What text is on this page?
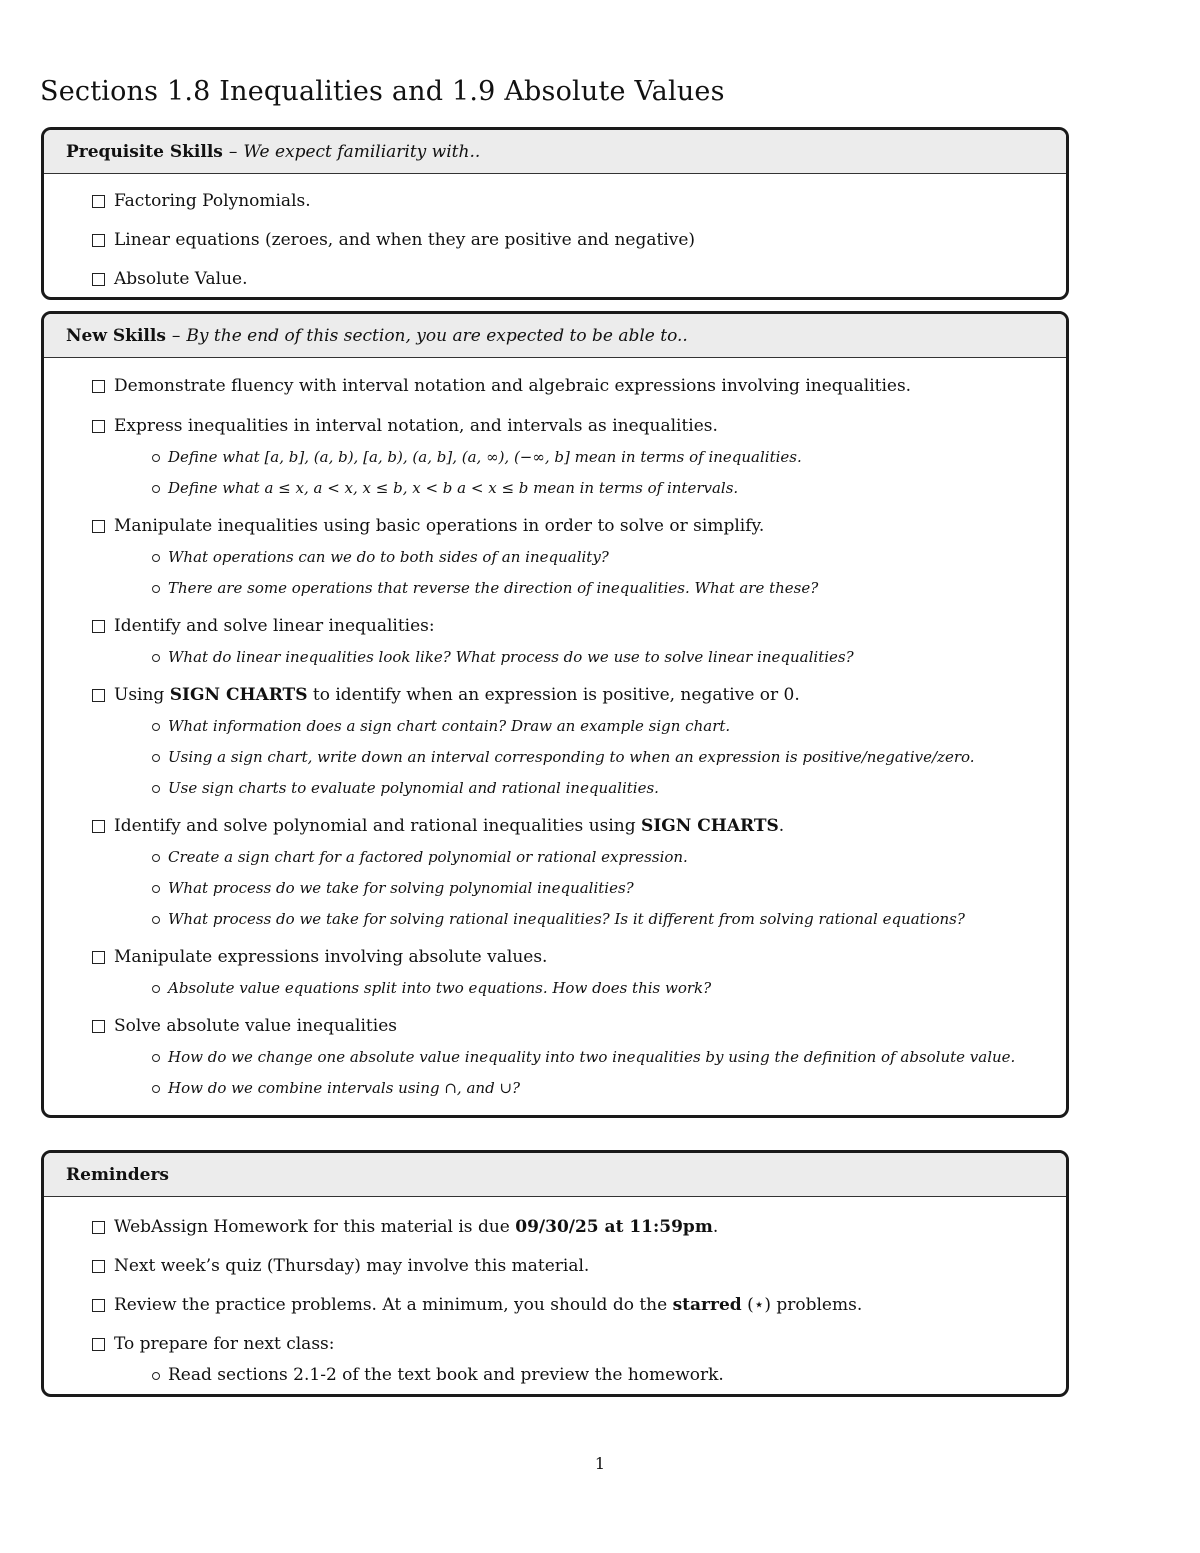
Sections 1.8 Inequalities and 1.9 Absolute Values
Prequisite Skills – We expect familiarity with..
Factoring Polynomials.
Linear equations (zeroes, and when they are positive and negative)
Absolute Value.
New Skills – By the end of this section, you are expected to be able to..
Demonstrate fluency with interval notation and algebraic expressions involving inequalities.
Express inequalities in interval notation, and intervals as inequalities.
Define what [a, b], (a, b), [a, b), (a, b], (a, ∞), (−∞, b] mean in terms of inequalities.
Define what a ≤ x, a < x, x ≤ b, x < b a < x ≤ b mean in terms of intervals.
Manipulate inequalities using basic operations in order to solve or simplify.
What operations can we do to both sides of an inequality?
There are some operations that reverse the direction of inequalities. What are these?
Identify and solve linear inequalities:
What do linear inequalities look like? What process do we use to solve linear inequalities?
Using
SIGN CHARTS
to identify when an expression is positive, negative or 0.
What information does a sign chart contain? Draw an example sign chart.
Using a sign chart, write down an interval corresponding to when an expression is positive/negative/zero.
Use sign charts to evaluate polynomial and rational inequalities.
Identify and solve polynomial and rational inequalities using
SIGN CHARTS .
Create a sign chart for a factored polynomial or rational expression.
What process do we take for solving polynomial inequalities?
What process do we take for solving rational inequalities? Is it different from solving rational equations?
Manipulate expressions involving absolute values.
Absolute value equations split into two equations. How does this work?
Solve absolute value inequalities
How do we change one absolute value inequality into two inequalities by using the definition of absolute value.
How do we combine intervals using ∩, and ∪?
Reminders
WebAssign Homework for this material is due
09/30/25 at 11:59pm .
Next week’s quiz (Thursday) may involve this material.
Review the practice problems. At a minimum, you should do the
starred
(⋆) problems.
To prepare for next class:
Read sections 2.1-2 of the text book and preview the homework.
1
